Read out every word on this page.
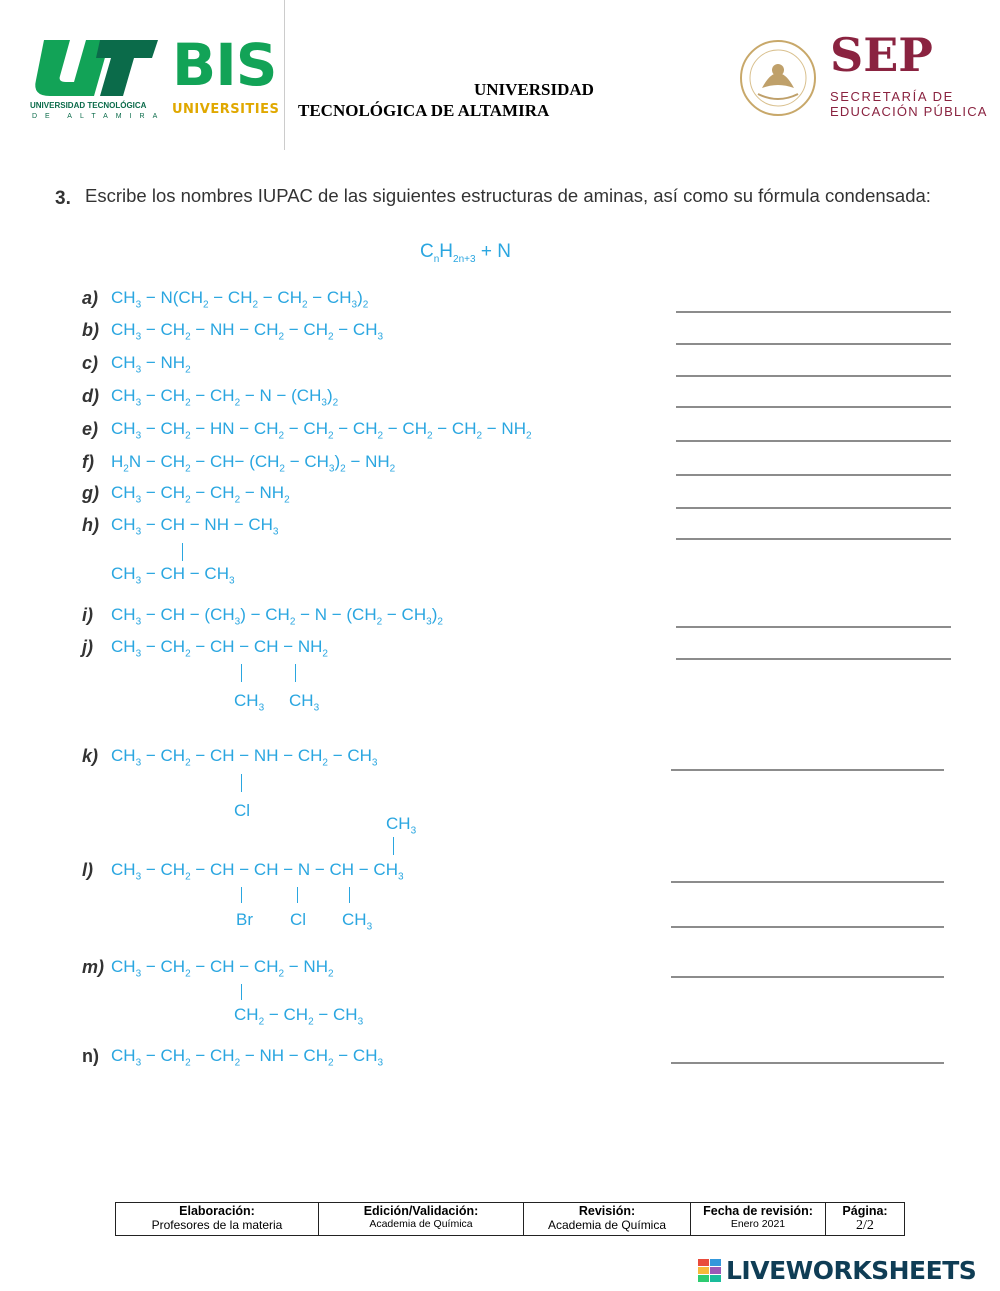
UNIVERSIDAD TECNOLÓGICA
DE ALTAMIRA
BIS
UNIVERSITIES
UNIVERSIDAD
TECNOLÓGICA DE ALTAMIRA
SEP
SECRETARÍA DE
EDUCACIÓN PÚBLICA
3. Escribe los nombres IUPAC de las siguientes estructuras de aminas, así como su fórmula condensada:
$C_nH_{2n+3} + N$
a) $CH_3 - N(CH_2 - CH_2 - CH_2 - CH_3)_2$
b) $CH_3 - CH_2$ − NH − $CH_2 - CH_2 - CH_3$
c) $CH_3 - NH_2$
d) $CH_3 - CH_2 - CH_2 - N - (CH_3)_2$
e) $CH_3 - CH_2$ − HN − $CH_2 - CH_2 - CH_2 - CH_2 - CH_2 - NH_2$
f) $H_2N - CH_2 - CH- (CH_2 - CH_3)_2 - NH_2$
g) $CH_3 - CH_2 - CH_2 - NH_2$
h) $CH_3$ − CH − NH − $CH_3$
$CH_3$ − CH − $CH_3$
i) $CH_3$ − CH − $(CH_3) - CH_2 - N - (CH_2 - CH_3)_2$
j) $CH_3 - CH_2$ − CH − CH − $NH_2$
$CH_3$ $CH_3$
k) $CH_3 - CH_2$ − CH − NH − $CH_2 - CH_3$
Cl
$CH_3$
l) $CH_3 - CH_2$ − CH − CH − N − CH − $CH_3$
Br Cl $CH_3$
m) $CH_3 - CH_2$ − CH − $CH_2 - NH_2$
$CH_2 - CH_2 - CH_3$
n) $CH_3 - CH_2 - CH_2$ − NH − $CH_2 - CH_3$
Elaboración:
Profesores de la materia

Edición/Validación:
Academia de Química

Revisión:
Academia de Química

Fecha de revisión:
Enero 2021

Página:
2/2
LIVEWORKSHEETS
